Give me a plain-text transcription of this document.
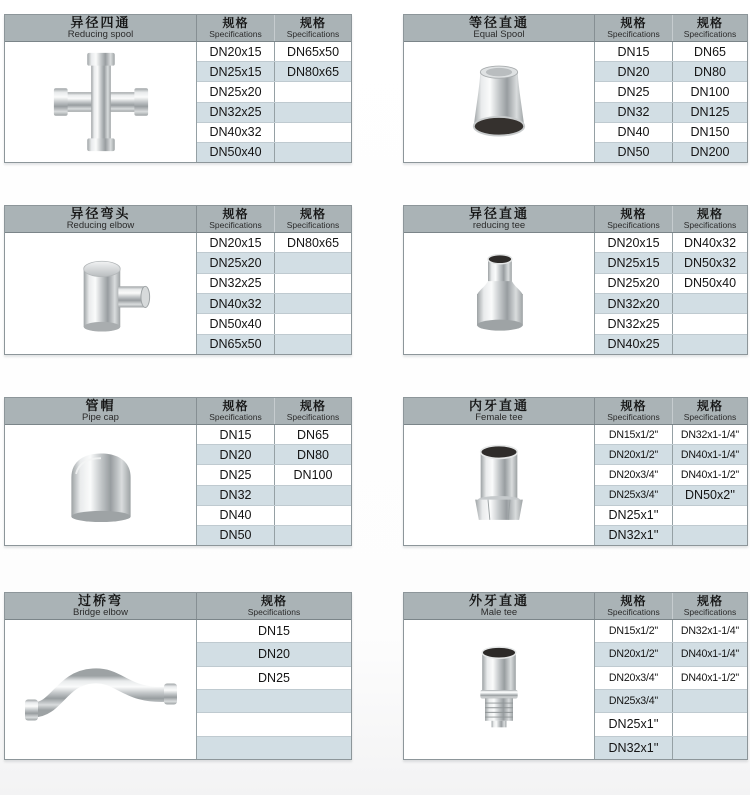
异径四通
Reducing spool
规格
Specifications
规格
Specifications
DN20x15	DN65x50
DN25x15	DN80x65
DN25x20
DN32x25
DN40x32
DN50x40
等径直通
Equal Spool
规格
Specifications
规格
Specifications
DN15	DN65
DN20	DN80
DN25	DN100
DN32	DN125
DN40	DN150
DN50	DN200
异径弯头
Reducing elbow
规格
Specifications
规格
Specifications
DN20x15	DN80x65
DN25x20
DN32x25
DN40x32
DN50x40
DN65x50
异径直通
reducing tee
规格
Specifications
规格
Specifications
DN20x15	DN40x32
DN25x15	DN50x32
DN25x20	DN50x40
DN32x20
DN32x25
DN40x25
管帽
Pipe cap
规格
Specifications
规格
Specifications
DN15	DN65
DN20	DN80
DN25	DN100
DN32
DN40
DN50
内牙直通
Female tee
规格
Specifications
规格
Specifications
DN15x1/2''	DN32x1-1/4''
DN20x1/2''	DN40x1-1/4''
DN20x3/4''	DN40x1-1/2''
DN25x3/4''	DN50x2''
DN25x1''
DN32x1''
过桥弯
Bridge elbow
规格
Specifications
DN15
DN20
DN25
外牙直通
Male tee
规格
Specifications
规格
Specifications
DN15x1/2''	DN32x1-1/4''
DN20x1/2''	DN40x1-1/4''
DN20x3/4''	DN40x1-1/2''
DN25x3/4''
DN25x1''
DN32x1''
